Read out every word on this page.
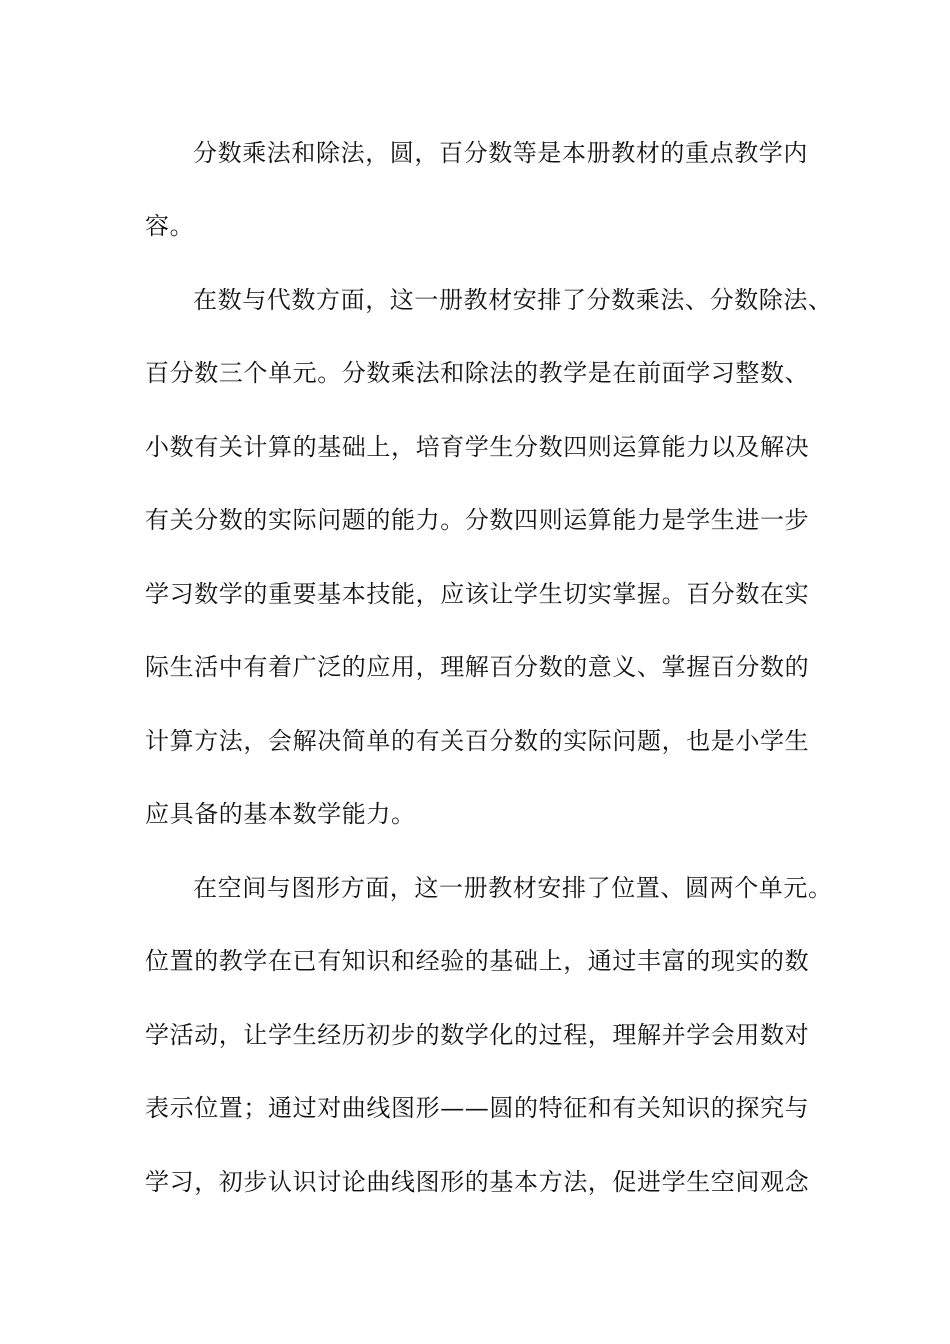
分数乘法和除法，圆，百分数等是本册教材的重点教学内
容。
在数与代数方面，这一册教材安排了分数乘法、分数除法、
百分数三个单元。分数乘法和除法的教学是在前面学习整数、
小数有关计算的基础上，培育学生分数四则运算能力以及解决
有关分数的实际问题的能力。分数四则运算能力是学生进一步
学习数学的重要基本技能，应该让学生切实掌握。百分数在实
际生活中有着广泛的应用，理解百分数的意义、掌握百分数的
计算方法，会解决简单的有关百分数的实际问题，也是小学生
应具备的基本数学能力。
在空间与图形方面，这一册教材安排了位置、圆两个单元。
位置的教学在已有知识和经验的基础上，通过丰富的现实的数
学活动，让学生经历初步的数学化的过程，理解并学会用数对
表示位置；通过对曲线图形——圆的特征和有关知识的探究与
学习，初步认识讨论曲线图形的基本方法，促进学生空间观念
